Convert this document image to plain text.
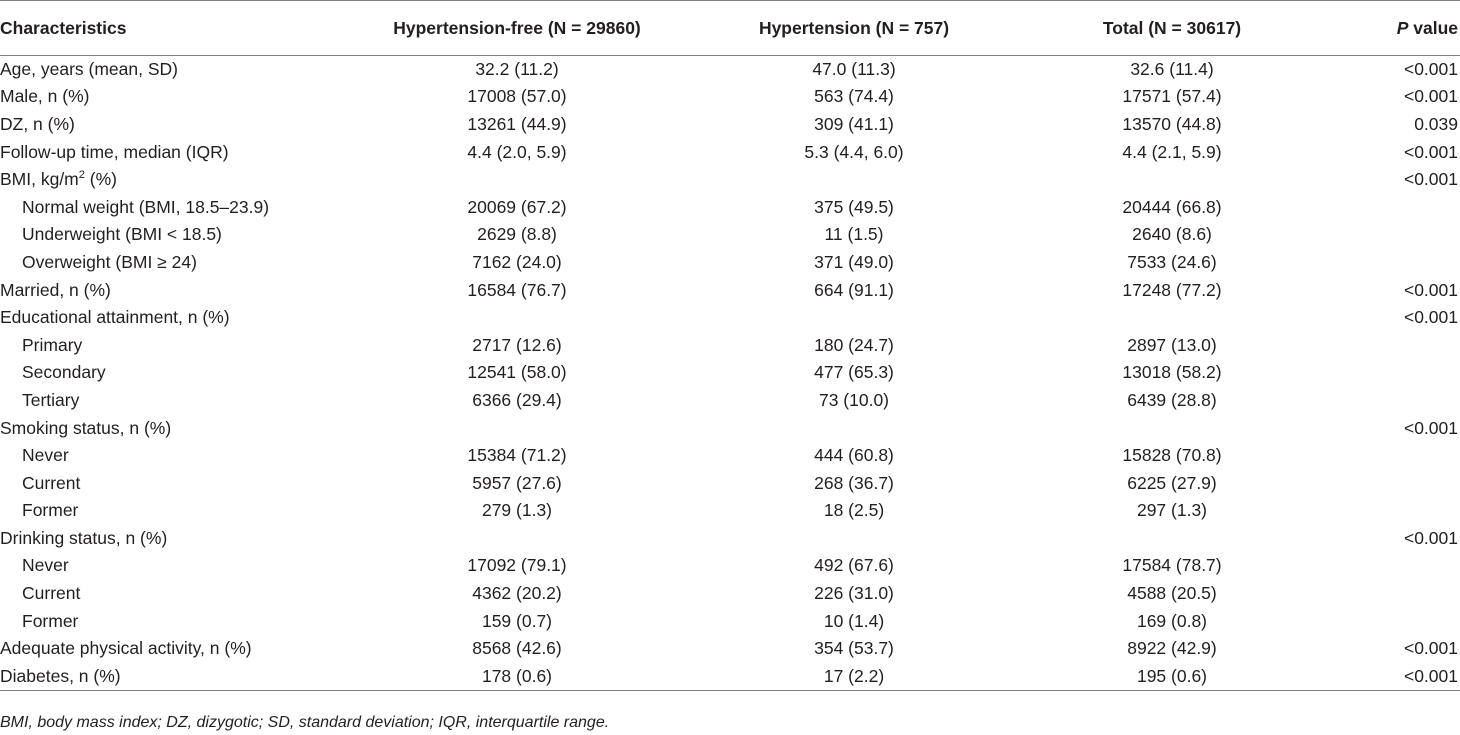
Characteristics	Hypertension-free (N = 29860)	Hypertension (N = 757)	Total (N = 30617)	P value
Age, years (mean, SD)	32.2 (11.2)	47.0 (11.3)	32.6 (11.4)	<0.001
Male, n (%)	17008 (57.0)	563 (74.4)	17571 (57.4)	<0.001
DZ, n (%)	13261 (44.9)	309 (41.1)	13570 (44.8)	0.039
Follow-up time, median (IQR)	4.4 (2.0, 5.9)	5.3 (4.4, 6.0)	4.4 (2.1, 5.9)	<0.001
BMI, $kg/m^2$ (%)				<0.001
Normal weight (BMI, 18.5–23.9)	20069 (67.2)	375 (49.5)	20444 (66.8)	
Underweight (BMI < 18.5)	2629 (8.8)	11 (1.5)	2640 (8.6)	
Overweight (BMI ≥ 24)	7162 (24.0)	371 (49.0)	7533 (24.6)	
Married, n (%)	16584 (76.7)	664 (91.1)	17248 (77.2)	<0.001
Educational attainment, n (%)				<0.001
Primary	2717 (12.6)	180 (24.7)	2897 (13.0)	
Secondary	12541 (58.0)	477 (65.3)	13018 (58.2)	
Tertiary	6366 (29.4)	73 (10.0)	6439 (28.8)	
Smoking status, n (%)				<0.001
Never	15384 (71.2)	444 (60.8)	15828 (70.8)	
Current	5957 (27.6)	268 (36.7)	6225 (27.9)	
Former	279 (1.3)	18 (2.5)	297 (1.3)	
Drinking status, n (%)				<0.001
Never	17092 (79.1)	492 (67.6)	17584 (78.7)	
Current	4362 (20.2)	226 (31.0)	4588 (20.5)	
Former	159 (0.7)	10 (1.4)	169 (0.8)	
Adequate physical activity, n (%)	8568 (42.6)	354 (53.7)	8922 (42.9)	<0.001
Diabetes, n (%)	178 (0.6)	17 (2.2)	195 (0.6)	<0.001
BMI, body mass index; DZ, dizygotic; SD, standard deviation; IQR, interquartile range.
